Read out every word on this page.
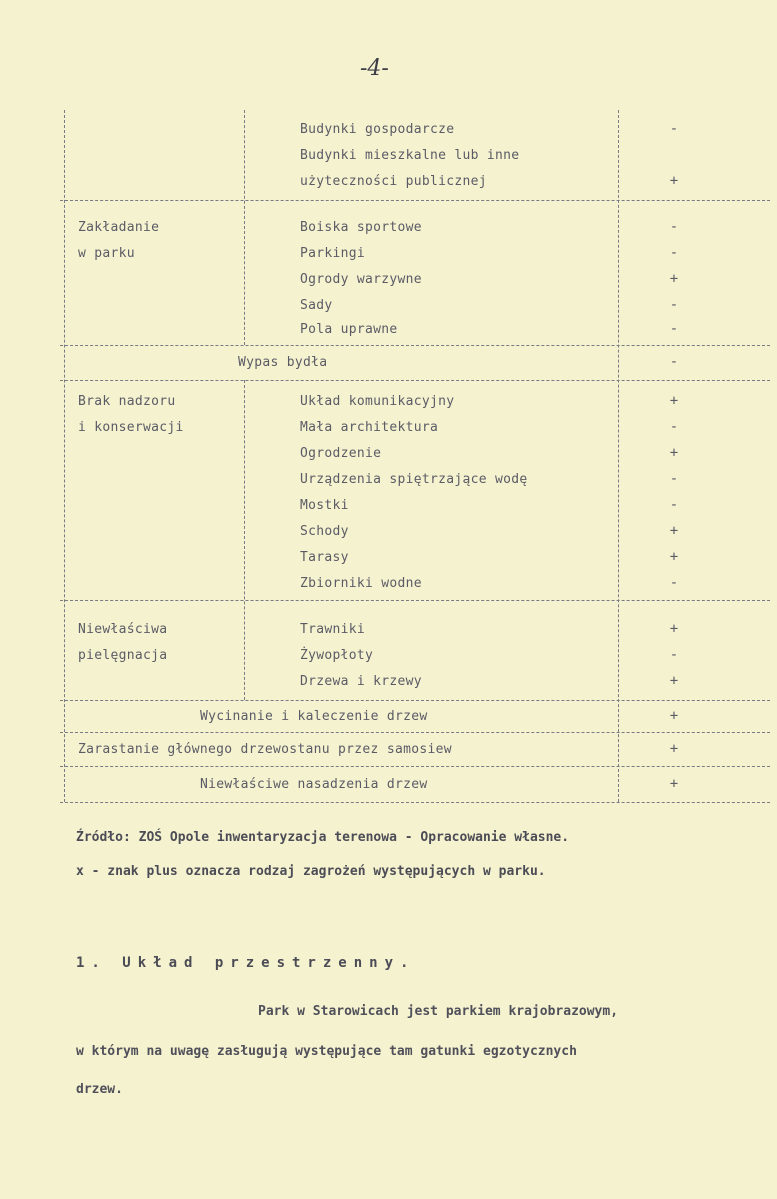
-4-
Budynki gospodarcze	-
Budynki mieszkalne lub inne
użyteczności publicznej	+
Zakładanie
w parku
Boiska sportowe	-
Parkingi	-
Ogrody warzywne	+
Sady	-
Pola uprawne	-
Wypas bydła	-
Brak nadzoru
i konserwacji
Układ komunikacyjny	+
Mała architektura	-
Ogrodzenie	+
Urządzenia spiętrzające wodę	-
Mostki	-
Schody	+
Tarasy	+
Zbiorniki wodne	-
Niewłaściwa
pielęgnacja
Trawniki	+
Żywopłoty	-
Drzewa i krzewy	+
Wycinanie i kaleczenie drzew	+
Zarastanie głównego drzewostanu przez samosiew	+
Niewłaściwe nasadzenia drzew	+
Źródło: ZOŚ Opole inwentaryzacja terenowa - Opracowanie własne.
x - znak plus oznacza rodzaj zagrożeń występujących w parku.
1. Układ przestrzenny.
Park w Starowicach jest parkiem krajobrazowym,
w którym na uwagę zasługują występujące tam gatunki egzotycznych
drzew.
